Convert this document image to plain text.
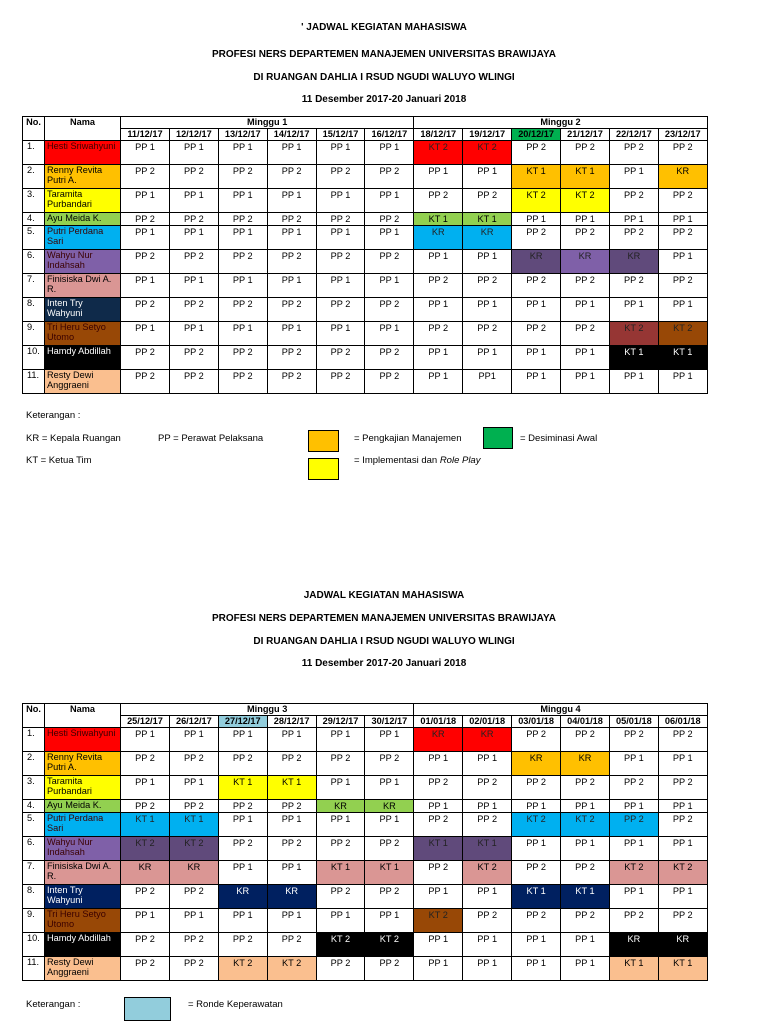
' JADWAL KEGIATAN MAHASISWA
PROFESI NERS DEPARTEMEN MANAJEMEN UNIVERSITAS BRAWIJAYA
DI RUANGAN DAHLIA I RSUD NGUDI WALUYO WLINGI
11 Desember 2017-20 Januari 2018
No.	Nama	Minggu 1						Minggu 2					
		11/12/17	12/12/17	13/12/17	14/12/17	15/12/17	16/12/17	18/12/17	19/12/17	20/12/17	21/12/17	22/12/17	23/12/17
1.	Hesti Sriwahyuni	PP 1	PP 1	PP 1	PP 1	PP 1	PP 1	KT 2	KT 2	PP 2	PP 2	PP 2	PP 2
2.	Renny Revita Putri A.	PP 2	PP 2	PP 2	PP 2	PP 2	PP 2	PP 1	PP 1	KT 1	KT 1	PP 1	KR
3.	Taramita Purbandari	PP 1	PP 1	PP 1	PP 1	PP 1	PP 1	PP 2	PP 2	KT 2	KT 2	PP 2	PP 2
4.	Ayu Meida K.	PP 2	PP 2	PP 2	PP 2	PP 2	PP 2	KT 1	KT 1	PP 1	PP 1	PP 1	PP 1
5.	Putri Perdana Sari	PP 1	PP 1	PP 1	PP 1	PP 1	PP 1	KR	KR	PP 2	PP 2	PP 2	PP 2
6.	Wahyu Nur Indahsah	PP 2	PP 2	PP 2	PP 2	PP 2	PP 2	PP 1	PP 1	KR	KR	KR	PP 1
7.	Finisiska Dwi A. R.	PP 1	PP 1	PP 1	PP 1	PP 1	PP 1	PP 2	PP 2	PP 2	PP 2	PP 2	PP 2
8.	Inten Try Wahyuni	PP 2	PP 2	PP 2	PP 2	PP 2	PP 2	PP 1	PP 1	PP 1	PP 1	PP 1	PP 1
9.	Tri Heru Setyo Utomo	PP 1	PP 1	PP 1	PP 1	PP 1	PP 1	PP 2	PP 2	PP 2	PP 2	KT 2	KT 2
10.	Hamdy Abdillah	PP 2	PP 2	PP 2	PP 2	PP 2	PP 2	PP 1	PP 1	PP 1	PP 1	KT 1	KT 1
11.	Resty Dewi Anggraeni	PP 2	PP 2	PP 2	PP 2	PP 2	PP 2	PP 1	PP1	PP 1	PP 1	PP 1	PP 1
Keterangan :
KR = Kepala Ruangan	PP = Perawat Pelaksana
KT = Ketua Tim
= Pengkajian Manajemen	= Desiminasi Awal
= Implementasi dan Role Play
JADWAL KEGIATAN MAHASISWA
PROFESI NERS DEPARTEMEN MANAJEMEN UNIVERSITAS BRAWIJAYA
DI RUANGAN DAHLIA I RSUD NGUDI WALUYO WLINGI
11 Desember 2017-20 Januari 2018
No.	Nama	Minggu 3						Minggu 4					
		25/12/17	26/12/17	27/12/17	28/12/17	29/12/17	30/12/17	01/01/18	02/01/18	03/01/18	04/01/18	05/01/18	06/01/18
1.	Hesti Sriwahyuni	PP 1	PP 1	PP 1	PP 1	PP 1	PP 1	KR	KR	PP 2	PP 2	PP 2	PP 2
2.	Renny Revita Putri A.	PP 2	PP 2	PP 2	PP 2	PP 2	PP 2	PP 1	PP 1	KR	KR	PP 1	PP 1
3.	Taramita Purbandari	PP 1	PP 1	KT 1	KT 1	PP 1	PP 1	PP 2	PP 2	PP 2	PP 2	PP 2	PP 2
4.	Ayu Meida K.	PP 2	PP 2	PP 2	PP 2	KR	KR	PP 1	PP 1	PP 1	PP 1	PP 1	PP 1
5.	Putri Perdana Sari	KT 1	KT 1	PP 1	PP 1	PP 1	PP 1	PP 2	PP 2	KT 2	KT 2	PP 2	PP 2
6.	Wahyu Nur Indahsah	KT 2	KT 2	PP 2	PP 2	PP 2	PP 2	KT 1	KT 1	PP 1	PP 1	PP 1	PP 1
7.	Finisiska Dwi A. R.	KR	KR	PP 1	PP 1	KT 1	KT 1	PP 2	KT 2	PP 2	PP 2	KT 2	KT 2
8.	Inten Try Wahyuni	PP 2	PP 2	KR	KR	PP 2	PP 2	PP 1	PP 1	KT 1	KT 1	PP 1	PP 1
9.	Tri Heru Setyo Utomo	PP 1	PP 1	PP 1	PP 1	PP 1	PP 1	KT 2	PP 2	PP 2	PP 2	PP 2	PP 2
10.	Hamdy Abdillah	PP 2	PP 2	PP 2	PP 2	KT 2	KT 2	PP 1	PP 1	PP 1	PP 1	KR	KR
11.	Resty Dewi Anggraeni	PP 2	PP 2	KT 2	KT 2	PP 2	PP 2	PP 1	PP 1	PP 1	PP 1	KT 1	KT 1
Keterangan :	= Ronde Keperawatan
